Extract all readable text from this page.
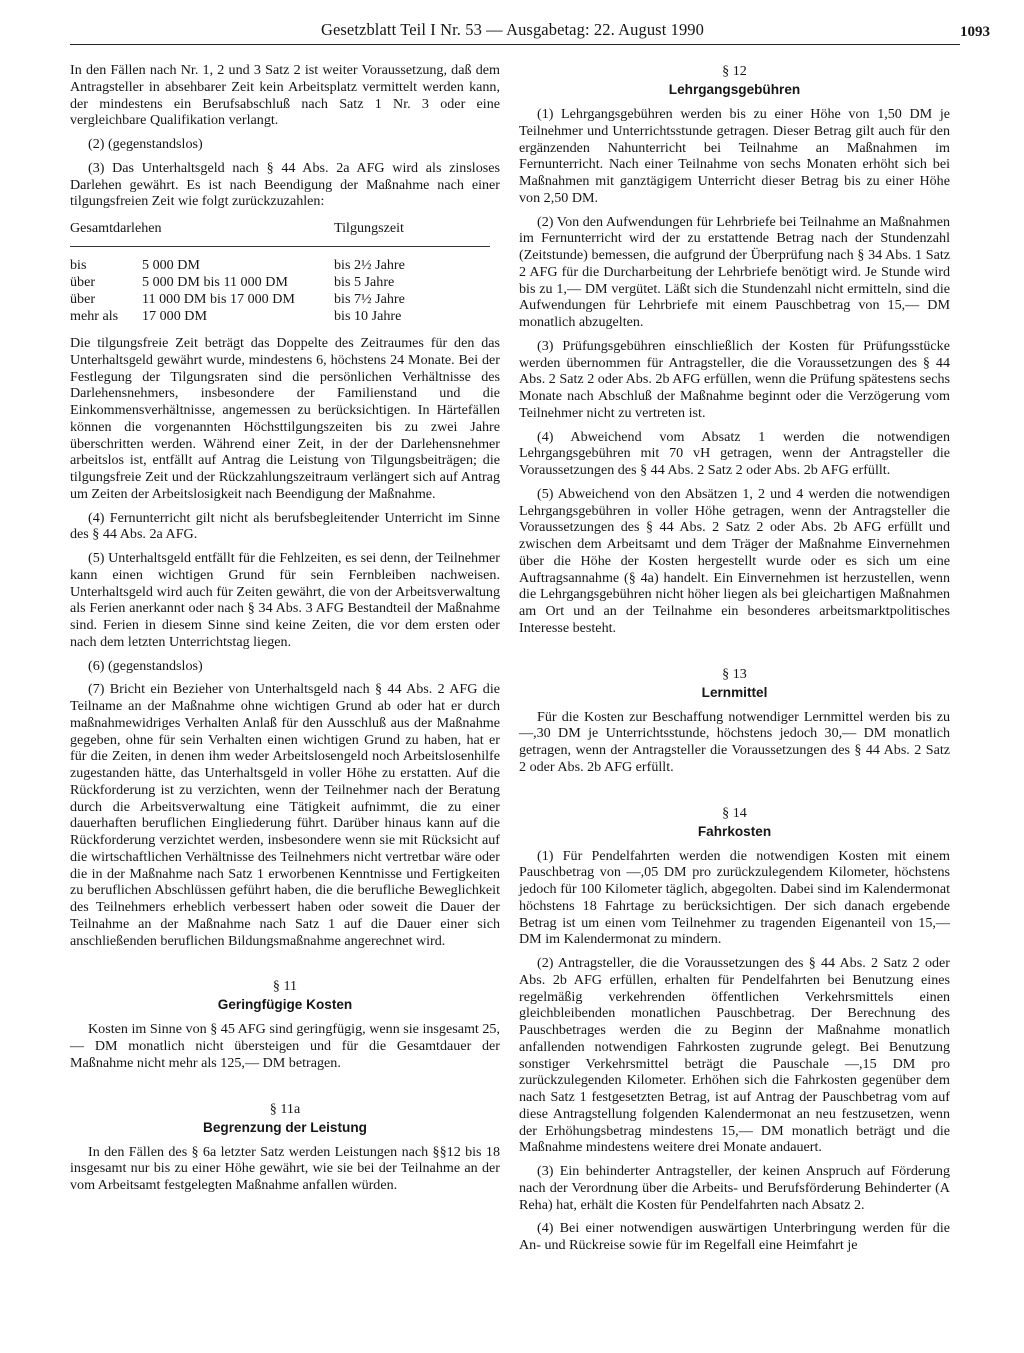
Gesetzblatt Teil I Nr. 53 — Ausgabetag: 22. August 1990	1093

In den Fällen nach Nr. 1, 2 und 3 Satz 2 ist weiter Voraussetzung, daß dem Antragsteller in absehbarer Zeit kein Arbeitsplatz vermittelt werden kann, der mindestens ein Berufsabschluß nach Satz 1 Nr. 3 oder eine vergleichbare Qualifikation verlangt.

(2) (gegenstandslos)

(3) Das Unterhaltsgeld nach § 44 Abs. 2a AFG wird als zinsloses Darlehen gewährt. Es ist nach Beendigung der Maßnahme nach einer tilgungsfreien Zeit wie folgt zurückzuzahlen:

Gesamtdarlehen	Tilgungszeit
bis	5 000 DM	bis 2½ Jahre
über	5 000 DM bis 11 000 DM	bis 5 Jahre
über	11 000 DM bis 17 000 DM	bis 7½ Jahre
mehr als 17 000 DM	bis 10 Jahre

Die tilgungsfreie Zeit beträgt das Doppelte des Zeitraumes für den das Unterhaltsgeld gewährt wurde, mindestens 6, höchstens 24 Monate. Bei der Festlegung der Tilgungsraten sind die persönlichen Verhältnisse des Darlehensnehmers, insbesondere der Familienstand und die Einkommensverhältnisse, angemessen zu berücksichtigen. In Härtefällen können die vorgenannten Höchsttilgungszeiten bis zu zwei Jahre überschritten werden. Während einer Zeit, in der der Darlehensnehmer arbeitslos ist, entfällt auf Antrag die Leistung von Tilgungsbeiträgen; die tilgungsfreie Zeit und der Rückzahlungszeitraum verlängert sich auf Antrag um Zeiten der Arbeitslosigkeit nach Beendigung der Maßnahme.

(4) Fernunterricht gilt nicht als berufsbegleitender Unterricht im Sinne des § 44 Abs. 2a AFG.

(5) Unterhaltsgeld entfällt für die Fehlzeiten, es sei denn, der Teilnehmer kann einen wichtigen Grund für sein Fernbleiben nachweisen. Unterhaltsgeld wird auch für Zeiten gewährt, die von der Arbeitsverwaltung als Ferien anerkannt oder nach § 34 Abs. 3 AFG Bestandteil der Maßnahme sind. Ferien in diesem Sinne sind keine Zeiten, die vor dem ersten oder nach dem letzten Unterrichtstag liegen.

(6) (gegenstandslos)

(7) Bricht ein Bezieher von Unterhaltsgeld nach § 44 Abs. 2 AFG die Teilname an der Maßnahme ohne wichtigen Grund ab oder hat er durch maßnahmewidriges Verhalten Anlaß für den Ausschluß aus der Maßnahme gegeben, ohne für sein Verhalten einen wichtigen Grund zu haben, hat er für die Zeiten, in denen ihm weder Arbeitslosengeld noch Arbeitslosenhilfe zugestanden hätte, das Unterhaltsgeld in voller Höhe zu erstatten. Auf die Rückforderung ist zu verzichten, wenn der Teilnehmer nach der Beratung durch die Arbeitsverwaltung eine Tätigkeit aufnimmt, die zu einer dauerhaften beruflichen Eingliederung führt. Darüber hinaus kann auf die Rückforderung verzichtet werden, insbesondere wenn sie mit Rücksicht auf die wirtschaftlichen Verhältnisse des Teilnehmers nicht vertretbar wäre oder die in der Maßnahme nach Satz 1 erworbenen Kenntnisse und Fertigkeiten zu beruflichen Abschlüssen geführt haben, die die berufliche Beweglichkeit des Teilnehmers erheblich verbessert haben oder soweit die Dauer der Teilnahme an der Maßnahme nach Satz 1 auf die Dauer einer sich anschließenden beruflichen Bildungsmaßnahme angerechnet wird.

§ 11
Geringfügige Kosten

Kosten im Sinne von § 45 AFG sind geringfügig, wenn sie insgesamt 25,— DM monatlich nicht übersteigen und für die Gesamtdauer der Maßnahme nicht mehr als 125,— DM betragen.

§ 11a
Begrenzung der Leistung

In den Fällen des § 6a letzter Satz werden Leistungen nach §§12 bis 18 insgesamt nur bis zu einer Höhe gewährt, wie sie bei der Teilnahme an der vom Arbeitsamt festgelegten Maßnahme anfallen würden.

§ 12
Lehrgangsgebühren

(1) Lehrgangsgebühren werden bis zu einer Höhe von 1,50 DM je Teilnehmer und Unterrichtsstunde getragen. Dieser Betrag gilt auch für den ergänzenden Nahunterricht bei Teilnahme an Maßnahmen im Fernunterricht. Nach einer Teilnahme von sechs Monaten erhöht sich bei Maßnahmen mit ganztägigem Unterricht dieser Betrag bis zu einer Höhe von 2,50 DM.

(2) Von den Aufwendungen für Lehrbriefe bei Teilnahme an Maßnahmen im Fernunterricht wird der zu erstattende Betrag nach der Stundenzahl (Zeitstunde) bemessen, die aufgrund der Überprüfung nach § 34 Abs. 1 Satz 2 AFG für die Durcharbeitung der Lehrbriefe benötigt wird. Je Stunde wird bis zu 1,— DM vergütet. Läßt sich die Stundenzahl nicht ermitteln, sind die Aufwendungen für Lehrbriefe mit einem Pauschbetrag von 15,— DM monatlich abzugelten.

(3) Prüfungsgebühren einschließlich der Kosten für Prüfungsstücke werden übernommen für Antragsteller, die die Voraussetzungen des § 44 Abs. 2 Satz 2 oder Abs. 2b AFG erfüllen, wenn die Prüfung spätestens sechs Monate nach Abschluß der Maßnahme beginnt oder die Verzögerung vom Teilnehmer nicht zu vertreten ist.

(4) Abweichend vom Absatz 1 werden die notwendigen Lehrgangsgebühren mit 70 vH getragen, wenn der Antragsteller die Voraussetzungen des § 44 Abs. 2 Satz 2 oder Abs. 2b AFG erfüllt.

(5) Abweichend von den Absätzen 1, 2 und 4 werden die notwendigen Lehrgangsgebühren in voller Höhe getragen, wenn der Antragsteller die Voraussetzungen des § 44 Abs. 2 Satz 2 oder Abs. 2b AFG erfüllt und zwischen dem Arbeitsamt und dem Träger der Maßnahme Einvernehmen über die Höhe der Kosten hergestellt wurde oder es sich um eine Auftragsannahme (§ 4a) handelt. Ein Einvernehmen ist herzustellen, wenn die Lehrgangsgebühren nicht höher liegen als bei gleichartigen Maßnahmen am Ort und an der Teilnahme ein besonderes arbeitsmarktpolitisches Interesse besteht.

§ 13
Lernmittel

Für die Kosten zur Beschaffung notwendiger Lernmittel werden bis zu —,30 DM je Unterrichtsstunde, höchstens jedoch 30,— DM monatlich getragen, wenn der Antragsteller die Voraussetzungen des § 44 Abs. 2 Satz 2 oder Abs. 2b AFG erfüllt.

§ 14
Fahrkosten

(1) Für Pendelfahrten werden die notwendigen Kosten mit einem Pauschbetrag von —,05 DM pro zurückzulegendem Kilometer, höchstens jedoch für 100 Kilometer täglich, abgegolten. Dabei sind im Kalendermonat höchstens 18 Fahrtage zu berücksichtigen. Der sich danach ergebende Betrag ist um einen vom Teilnehmer zu tragenden Eigenanteil von 15,— DM im Kalendermonat zu mindern.

(2) Antragsteller, die die Voraussetzungen des § 44 Abs. 2 Satz 2 oder Abs. 2b AFG erfüllen, erhalten für Pendelfahrten bei Benutzung eines regelmäßig verkehrenden öffentlichen Verkehrsmittels einen gleichbleibenden monatlichen Pauschbetrag. Der Berechnung des Pauschbetrages werden die zu Beginn der Maßnahme monatlich anfallenden notwendigen Fahrkosten zugrunde gelegt. Bei Benutzung sonstiger Verkehrsmittel beträgt die Pauschale —,15 DM pro zurückzulegenden Kilometer. Erhöhen sich die Fahrkosten gegenüber dem nach Satz 1 festgesetzten Betrag, ist auf Antrag der Pauschbetrag vom auf diese Antragstellung folgenden Kalendermonat an neu festzusetzen, wenn der Erhöhungsbetrag mindestens 15,— DM monatlich beträgt und die Maßnahme mindestens weitere drei Monate andauert.

(3) Ein behinderter Antragsteller, der keinen Anspruch auf Förderung nach der Verordnung über die Arbeits- und Berufsförderung Behinderter (A Reha) hat, erhält die Kosten für Pendelfahrten nach Absatz 2.

(4) Bei einer notwendigen auswärtigen Unterbringung werden für die An- und Rückreise sowie für im Regelfall eine Heimfahrt je
